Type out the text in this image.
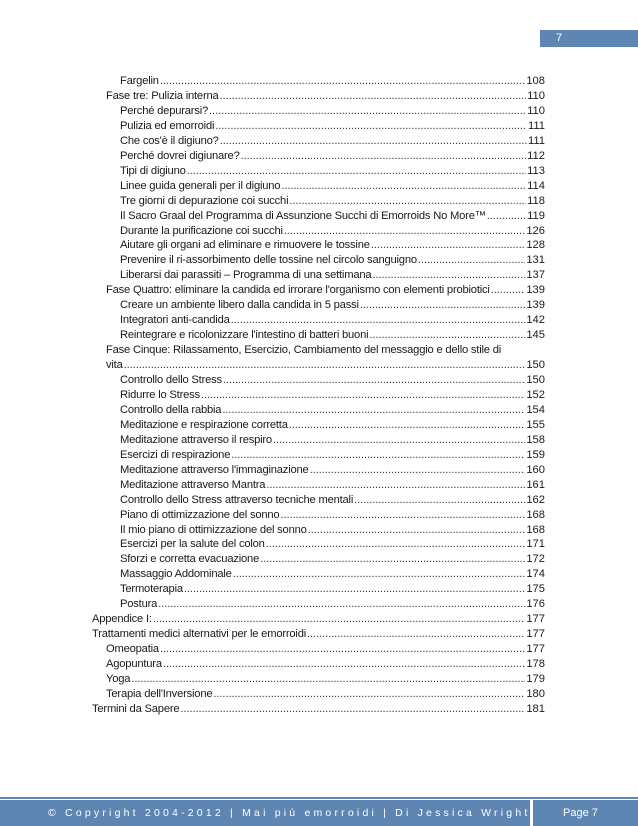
7
Fargelin . . .	108
Fase tre: Pulizia interna . . .	110
Perché depurarsi? . . .	110
Pulizia ed emorroidi . . .	111
Che cos'è il digiuno? . . .	111
Perché dovrei digiunare? . . .	112
Tipi di digiuno . . .	113
Linee guida generali per il digiuno . . .	114
Tre giorni di depurazione coi succhi . . .	118
Il Sacro Graal del Programma di Assunzione Succhi di Emorroids No More™ . . .	119
Durante la purificazione coi succhi . . .	126
Aiutare gli organi ad eliminare e rimuovere le tossine . . .	128
Prevenire il ri-assorbimento delle tossine nel circolo sanguigno . . .	131
Liberarsi dai parassiti – Programma di una settimana . . .	137
Fase Quattro: eliminare la candida ed irrorare l'organismo con elementi probiotici . . .	139
Creare un ambiente libero dalla candida in 5 passi . . .	139
Integratori anti-candida . . .	142
Reintegrare e ricolonizzare l'intestino di batteri buoni . . .	145
Fase Cinque: Rilassamento, Esercizio, Cambiamento del messaggio e dello stile di
vita . . .	150
Controllo dello Stress . . .	150
Ridurre lo Stress . . .	152
Controllo della rabbia . . .	154
Meditazione e respirazione corretta . . .	155
Meditazione attraverso il respiro . . .	158
Esercizi di respirazione . . .	159
Meditazione attraverso l'immaginazione . . .	160
Meditazione attraverso Mantra . . .	161
Controllo dello Stress attraverso tecniche mentali . . .	162
Piano di ottimizzazione del sonno . . .	168
Il mio piano di ottimizzazione del sonno . . .	168
Esercizi per la salute del colon . . .	171
Sforzi e corretta evacuazione . . .	172
Massaggio Addominale . . .	174
Termoterapia . . .	175
Postura . . .	176
Appendice I: . . .	177
Trattamenti medici alternativi per le emorroidi . . .	177
Omeopatia . . .	177
Agopuntura . . .	178
Yoga . . .	179
Terapia dell'Inversione . . .	180
Termini da Sapere . . .	181
© Copyright 2004-2012 | Mai più emorroidi | Di Jessica Wright	Page 7
